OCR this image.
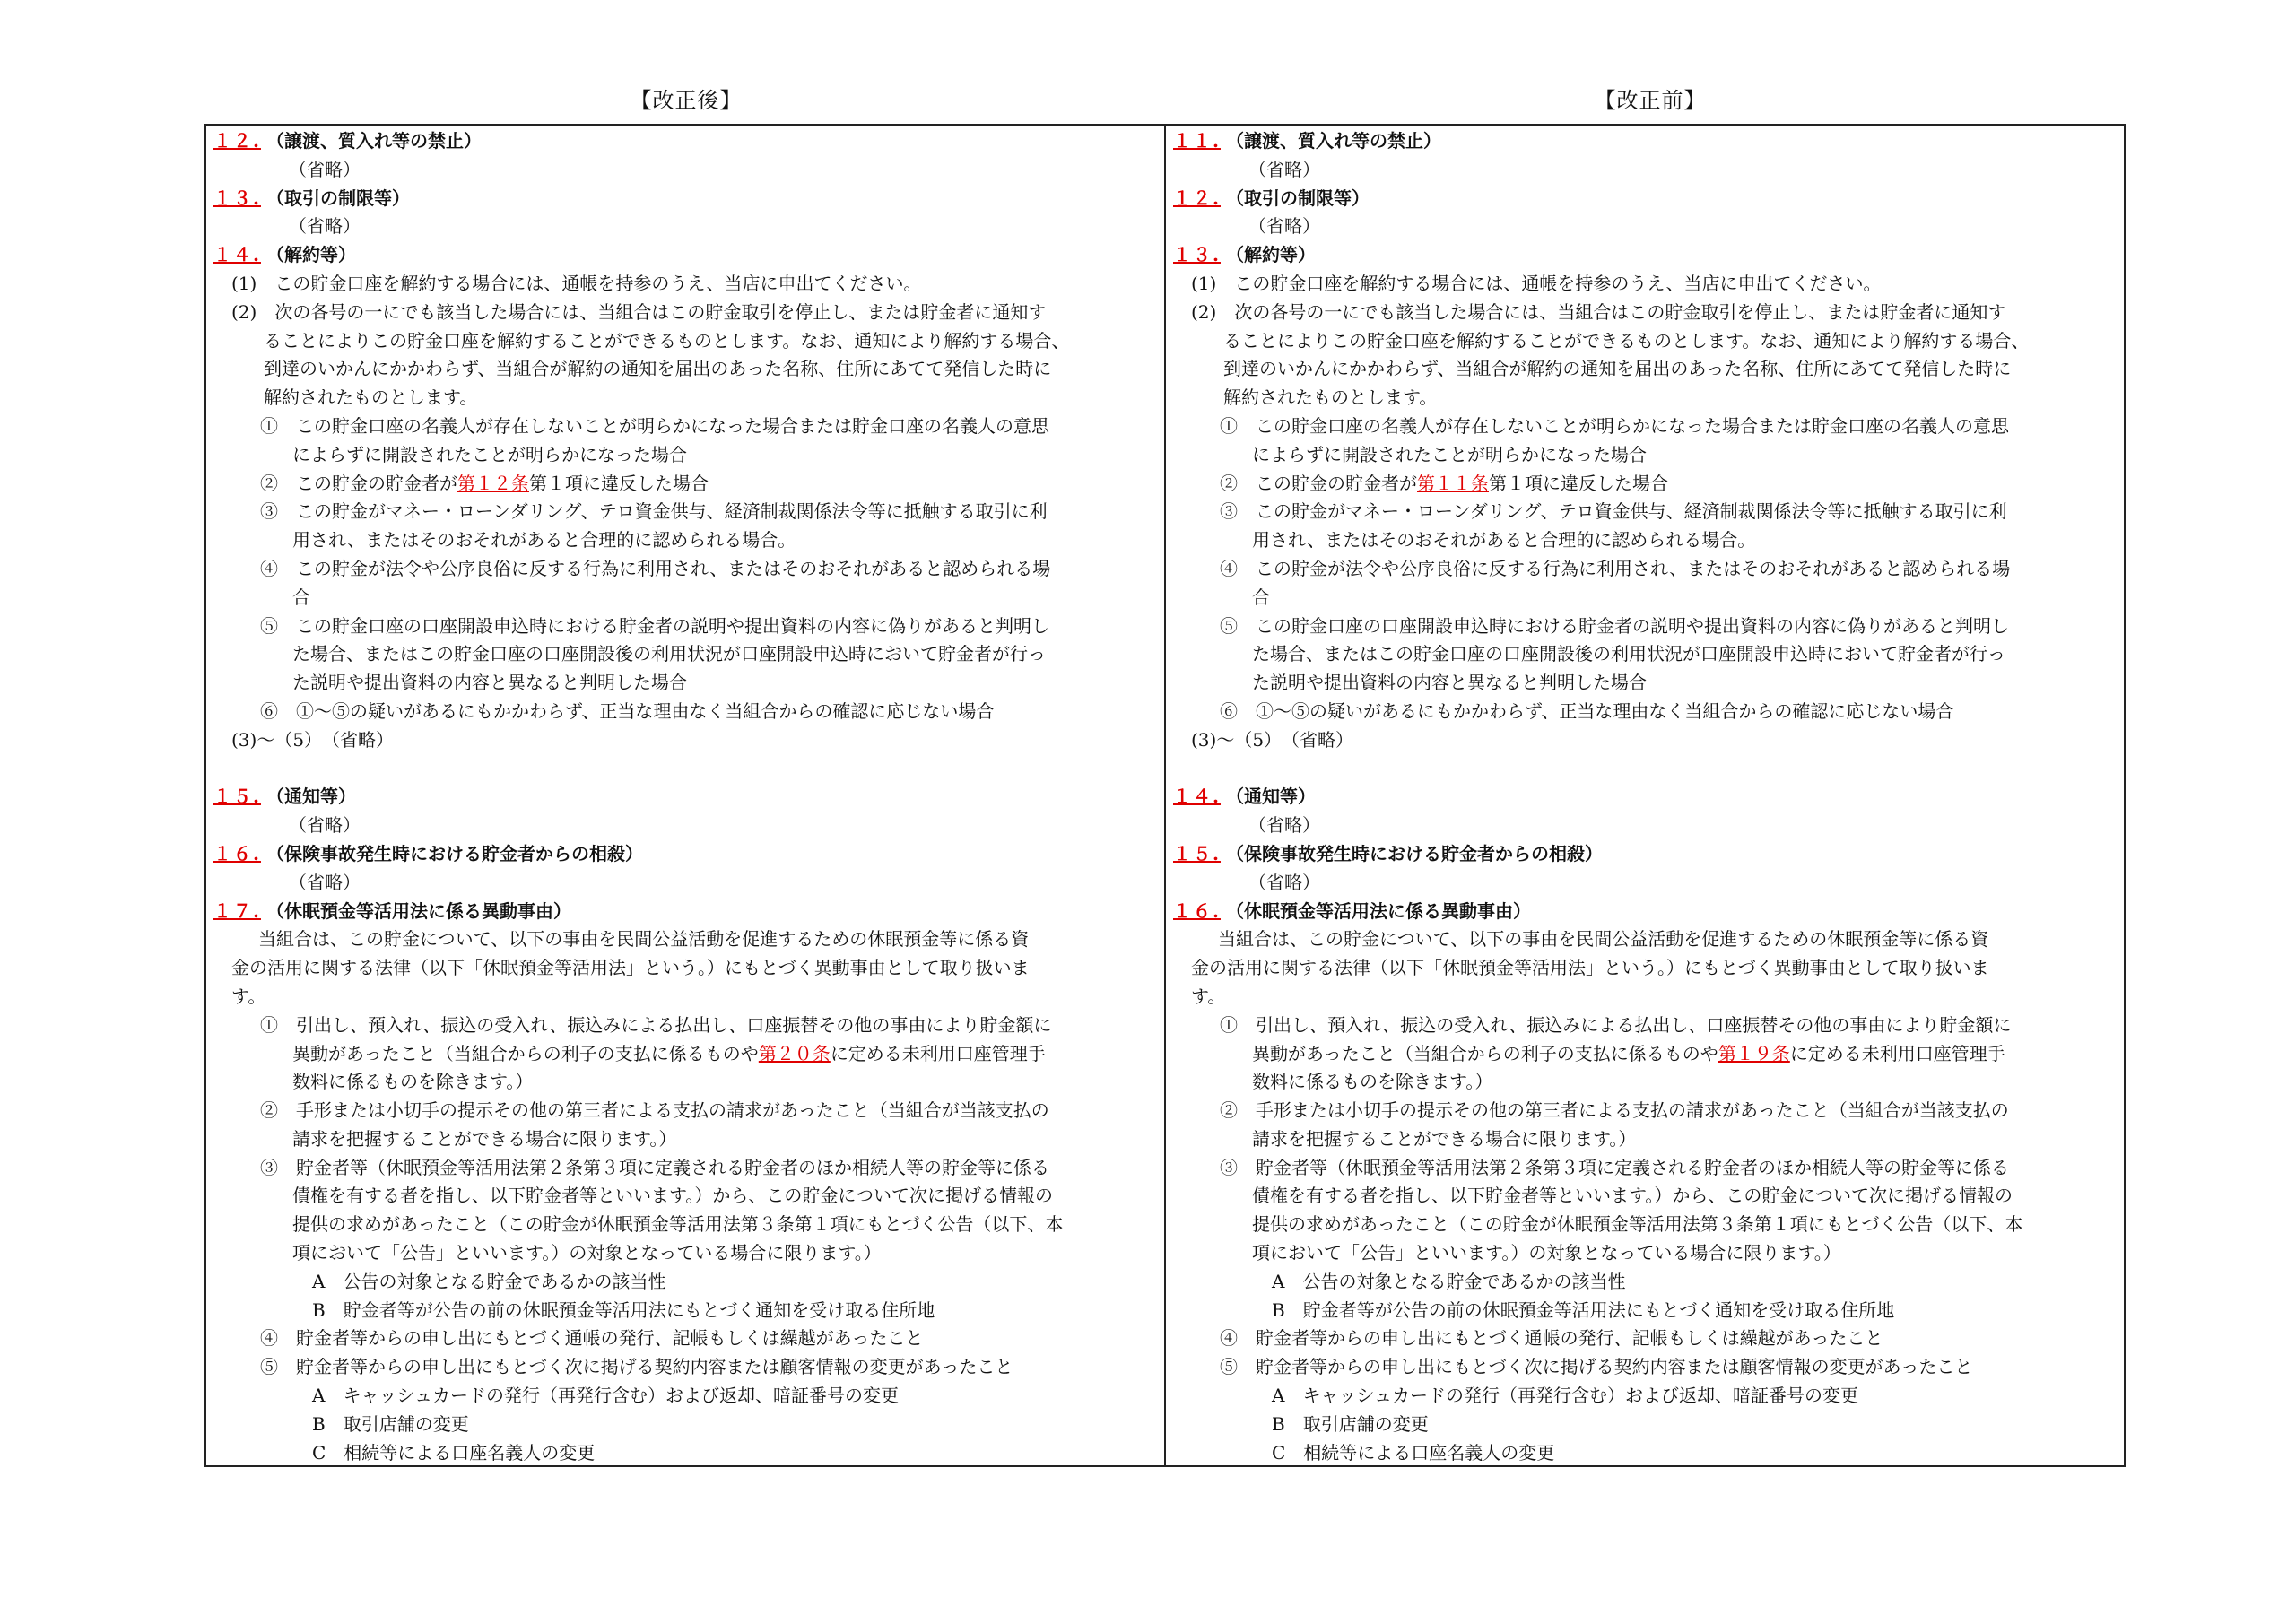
【改正後】	【改正前】
１２. （譲渡、質入れ等の禁止）
（省略）
１３. （取引の制限等）
（省略）
１４. （解約等）
(1)　この貯金口座を解約する場合には、通帳を持参のうえ、当店に申出てください。
(2)　次の各号の一にでも該当した場合には、当組合はこの貯金取引を停止し、または貯金者に通知す
ることによりこの貯金口座を解約することができるものとします。なお、通知により解約する場合、
到達のいかんにかかわらず、当組合が解約の通知を届出のあった名称、住所にあてて発信した時に
解約されたものとします。
①　この貯金口座の名義人が存在しないことが明らかになった場合または貯金口座の名義人の意思
によらずに開設されたことが明らかになった場合
②　この貯金の貯金者が第１２条第１項に違反した場合
③　この貯金がマネー・ローンダリング、テロ資金供与、経済制裁関係法令等に抵触する取引に利
用され、またはそのおそれがあると合理的に認められる場合。
④　この貯金が法令や公序良俗に反する行為に利用され、またはそのおそれがあると認められる場
合
⑤　この貯金口座の口座開設申込時における貯金者の説明や提出資料の内容に偽りがあると判明し
た場合、またはこの貯金口座の口座開設後の利用状況が口座開設申込時において貯金者が行っ
た説明や提出資料の内容と異なると判明した場合
⑥　①～⑤の疑いがあるにもかかわらず、正当な理由なく当組合からの確認に応じない場合
(3)～（5）　（省略）
１５. （通知等）
（省略）
１６. （保険事故発生時における貯金者からの相殺）
（省略）
１７. （休眠預金等活用法に係る異動事由）
当組合は、この貯金について、以下の事由を民間公益活動を促進するための休眠預金等に係る資
金の活用に関する法律（以下「休眠預金等活用法」という。）にもとづく異動事由として取り扱いま
す。
①　引出し、預入れ、振込の受入れ、振込みによる払出し、口座振替その他の事由により貯金額に
異動があったこと（当組合からの利子の支払に係るものや第２０条に定める未利用口座管理手
数料に係るものを除きます。）
②　手形または小切手の提示その他の第三者による支払の請求があったこと（当組合が当該支払の
請求を把握することができる場合に限ります。）
③　貯金者等（休眠預金等活用法第２条第３項に定義される貯金者のほか相続人等の貯金等に係る
債権を有する者を指し、以下貯金者等といいます。）から、この貯金について次に掲げる情報の
提供の求めがあったこと（この貯金が休眠預金等活用法第３条第１項にもとづく公告（以下、本
項において「公告」といいます。）の対象となっている場合に限ります。）
A　公告の対象となる貯金であるかの該当性
B　貯金者等が公告の前の休眠預金等活用法にもとづく通知を受け取る住所地
④　貯金者等からの申し出にもとづく通帳の発行、記帳もしくは繰越があったこと
⑤　貯金者等からの申し出にもとづく次に掲げる契約内容または顧客情報の変更があったこと
A　キャッシュカードの発行（再発行含む）および返却、暗証番号の変更
B　取引店舗の変更
C　相続等による口座名義人の変更

１１. （譲渡、質入れ等の禁止）
（省略）
１２. （取引の制限等）
（省略）
１３. （解約等）
(1)　この貯金口座を解約する場合には、通帳を持参のうえ、当店に申出てください。
(2)　次の各号の一にでも該当した場合には、当組合はこの貯金取引を停止し、または貯金者に通知す
ることによりこの貯金口座を解約することができるものとします。なお、通知により解約する場合、
到達のいかんにかかわらず、当組合が解約の通知を届出のあった名称、住所にあてて発信した時に
解約されたものとします。
①　この貯金口座の名義人が存在しないことが明らかになった場合または貯金口座の名義人の意思
によらずに開設されたことが明らかになった場合
②　この貯金の貯金者が第１１条第１項に違反した場合
③　この貯金がマネー・ローンダリング、テロ資金供与、経済制裁関係法令等に抵触する取引に利
用され、またはそのおそれがあると合理的に認められる場合。
④　この貯金が法令や公序良俗に反する行為に利用され、またはそのおそれがあると認められる場
合
⑤　この貯金口座の口座開設申込時における貯金者の説明や提出資料の内容に偽りがあると判明し
た場合、またはこの貯金口座の口座開設後の利用状況が口座開設申込時において貯金者が行っ
た説明や提出資料の内容と異なると判明した場合
⑥　①～⑤の疑いがあるにもかかわらず、正当な理由なく当組合からの確認に応じない場合
(3)～（5）　（省略）
１４. （通知等）
（省略）
１５. （保険事故発生時における貯金者からの相殺）
（省略）
１６. （休眠預金等活用法に係る異動事由）
当組合は、この貯金について、以下の事由を民間公益活動を促進するための休眠預金等に係る資
金の活用に関する法律（以下「休眠預金等活用法」という。）にもとづく異動事由として取り扱いま
す。
①　引出し、預入れ、振込の受入れ、振込みによる払出し、口座振替その他の事由により貯金額に
異動があったこと（当組合からの利子の支払に係るものや第１９条に定める未利用口座管理手
数料に係るものを除きます。）
②　手形または小切手の提示その他の第三者による支払の請求があったこと（当組合が当該支払の
請求を把握することができる場合に限ります。）
③　貯金者等（休眠預金等活用法第２条第３項に定義される貯金者のほか相続人等の貯金等に係る
債権を有する者を指し、以下貯金者等といいます。）から、この貯金について次に掲げる情報の
提供の求めがあったこと（この貯金が休眠預金等活用法第３条第１項にもとづく公告（以下、本
項において「公告」といいます。）の対象となっている場合に限ります。）
A　公告の対象となる貯金であるかの該当性
B　貯金者等が公告の前の休眠預金等活用法にもとづく通知を受け取る住所地
④　貯金者等からの申し出にもとづく通帳の発行、記帳もしくは繰越があったこと
⑤　貯金者等からの申し出にもとづく次に掲げる契約内容または顧客情報の変更があったこと
A　キャッシュカードの発行（再発行含む）および返却、暗証番号の変更
B　取引店舗の変更
C　相続等による口座名義人の変更
